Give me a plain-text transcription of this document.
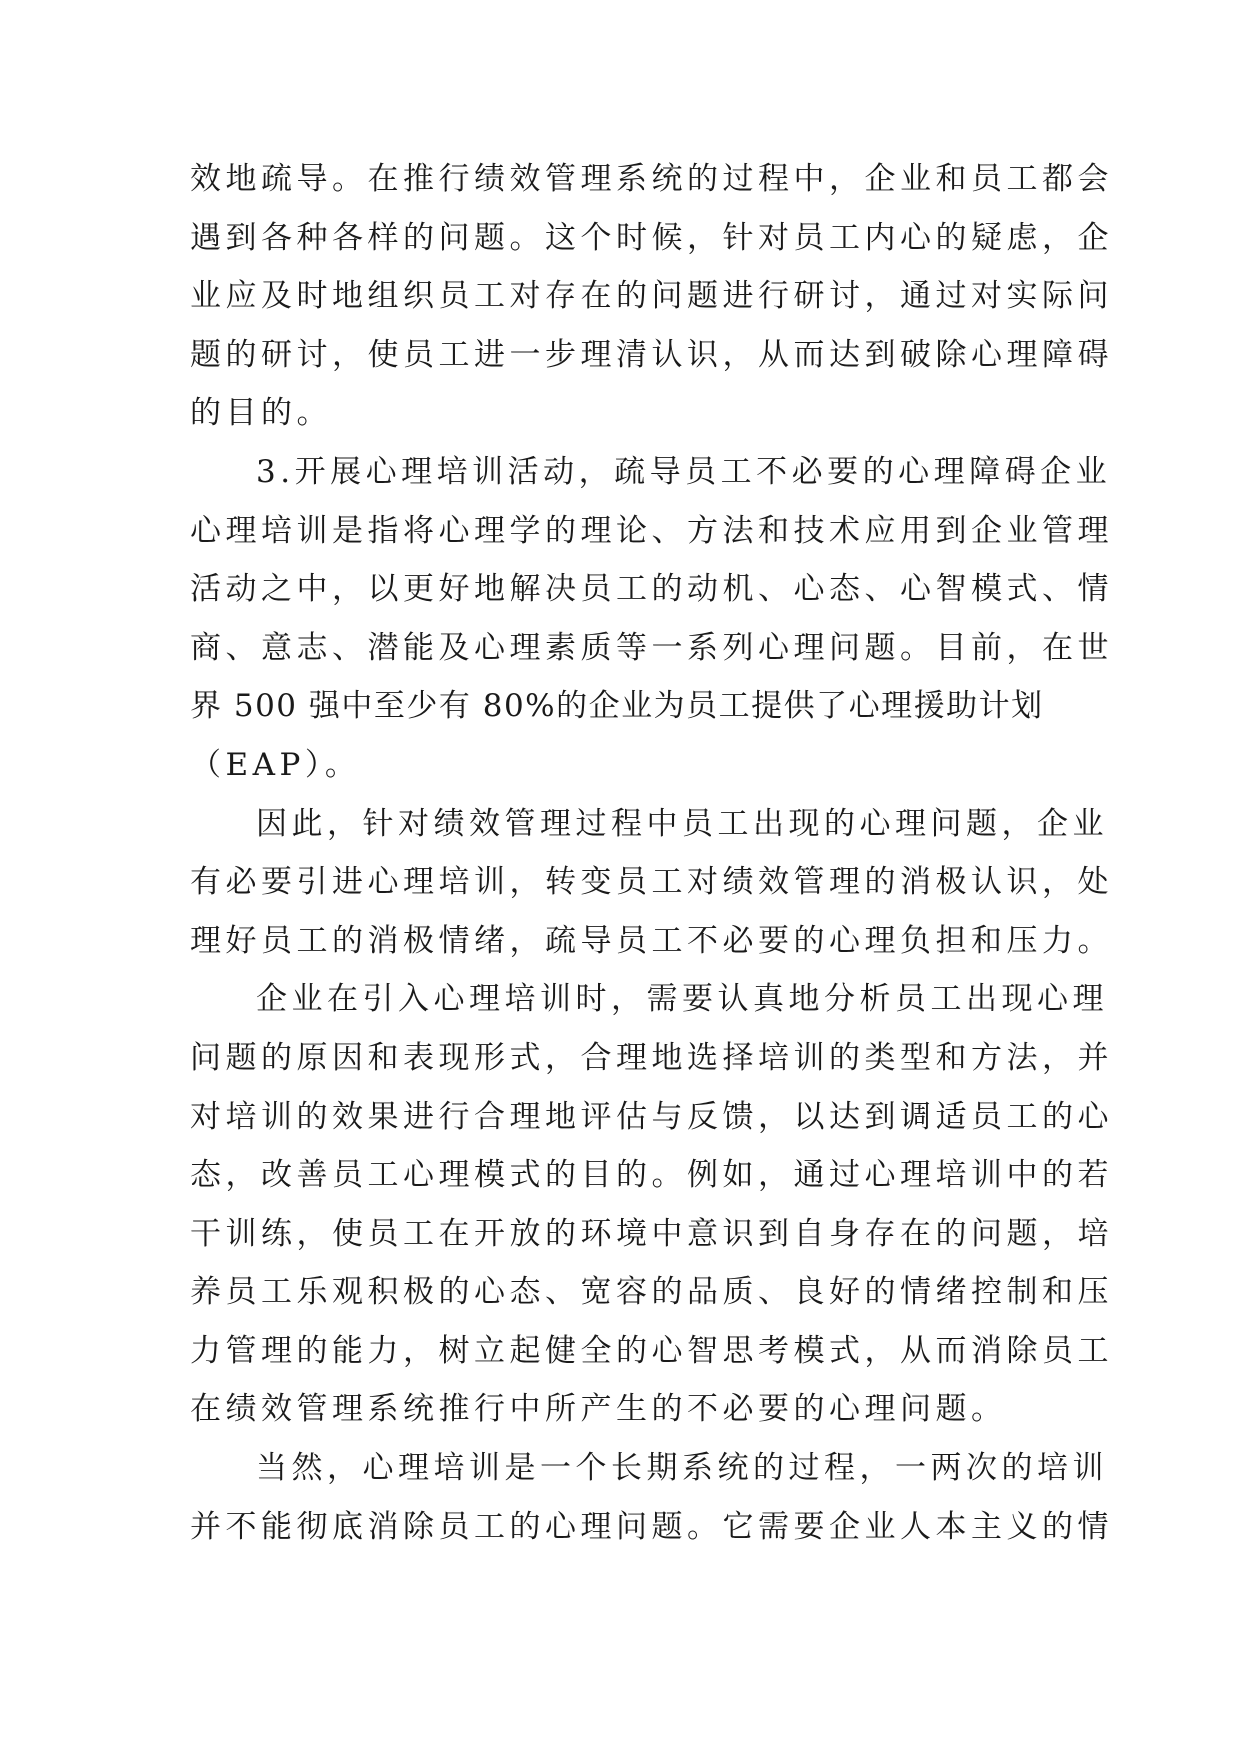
效地疏导。在推行绩效管理系统的过程中，企业和员工都会
遇到各种各样的问题。这个时候，针对员工内心的疑虑，企
业应及时地组织员工对存在的问题进行研讨，通过对实际问
题的研讨，使员工进一步理清认识，从而达到破除心理障碍
的目的。
3.开展心理培训活动，疏导员工不必要的心理障碍企业
心理培训是指将心理学的理论、方法和技术应用到企业管理
活动之中，以更好地解决员工的动机、心态、心智模式、情
商、意志、潜能及心理素质等一系列心理问题。目前，在世
界 500 强中至少有 80%的企业为员工提供了心理援助计划
（EAP）。
因此，针对绩效管理过程中员工出现的心理问题，企业
有必要引进心理培训，转变员工对绩效管理的消极认识，处
理好员工的消极情绪，疏导员工不必要的心理负担和压力。
企业在引入心理培训时，需要认真地分析员工出现心理
问题的原因和表现形式，合理地选择培训的类型和方法，并
对培训的效果进行合理地评估与反馈，以达到调适员工的心
态，改善员工心理模式的目的。例如，通过心理培训中的若
干训练，使员工在开放的环境中意识到自身存在的问题，培
养员工乐观积极的心态、宽容的品质、良好的情绪控制和压
力管理的能力，树立起健全的心智思考模式，从而消除员工
在绩效管理系统推行中所产生的不必要的心理问题。
当然，心理培训是一个长期系统的过程，一两次的培训
并不能彻底消除员工的心理问题。它需要企业人本主义的情
